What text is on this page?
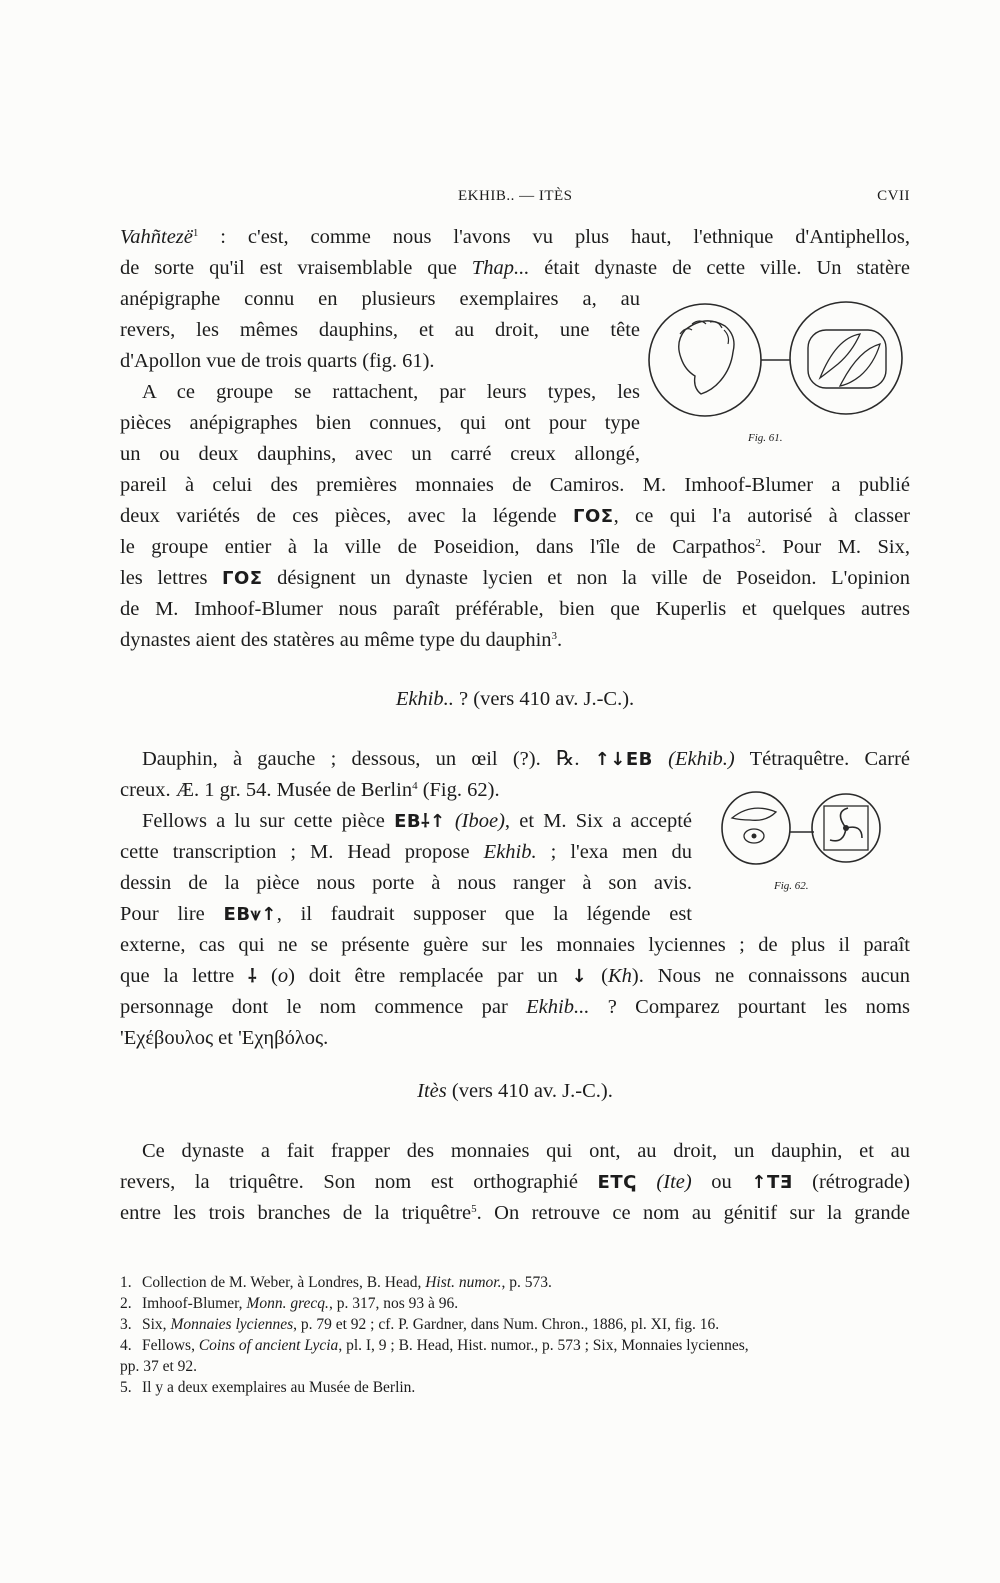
EKHIB.. — ITÈS	CVII
Vahñtezë$^1$ : c'est, comme nous l'avons vu plus haut, l'ethnique d'Antiphellos,
de sorte qu'il est vraisemblable que Thap... était dynaste de cette ville. Un statère
anépigraphe connu en plusieurs exemplaires a, au
revers, les mêmes dauphins, et au droit, une tête
d'Apollon vue de trois quarts (fig. 61).
A ce groupe se rattachent, par leurs types, les
pièces anépigraphes bien connues, qui ont pour type
un ou deux dauphins, avec un carré creux allongé,
Fig. 61.
pareil à celui des premières monnaies de Camiros. M. Imhoof-Blumer a publié
deux variétés de ces pièces, avec la légende ΓΟΣ, ce qui l'a autorisé à classer
le groupe entier à la ville de Poseidion, dans l'île de Carpathos$^2$. Pour M. Six,
les lettres ΓΟΣ désignent un dynaste lycien et non la ville de Poseidon. L'opinion
de M. Imhoof-Blumer nous paraît préférable, bien que Kuperlis et quelques autres
dynastes aient des statères au même type du dauphin$^3$.
Ekhib.. ? (vers 410 av. J.-C.).
Dauphin, à gauche ; dessous, un œil (?). ℞. ↑↓EB (Ekhib.) Tétraquêtre. Carré
creux. Æ. 1 gr. 54. Musée de Berlin$^4$ (Fig. 62).
Fellows a lu sur cette pièce EB⸸↑ (Iboe), et M. Six a accepté
cette transcription ; M. Head propose Ekhib. ; l'exa men du
dessin de la pièce nous porte à nous ranger à son avis.
Pour lire EB⩛↑, il faudrait supposer que la légende est
Fig. 62.
externe, cas qui ne se présente guère sur les monnaies lyciennes ; de plus il paraît
que la lettre ⸸ (o) doit être remplacée par un ↓ (Kh). Nous ne connaissons aucun
personnage dont le nom commence par Ekhib... ? Comparez pourtant les noms
'Εχέβουλος et 'Εχηβόλος.
Itès (vers 410 av. J.-C.).
Ce dynaste a fait frapper des monnaies qui ont, au droit, un dauphin, et au
revers, la triquêtre. Son nom est orthographié ETↅ (Ite) ou ↑TƎ (rétrograde)
entre les trois branches de la triquêtre$^5$. On retrouve ce nom au génitif sur la grande
1. Collection de M. Weber, à Londres, B. Head, Hist. numor., p. 573.
2. Imhoof-Blumer, Monn. grecq., p. 317, nos 93 à 96.
3. Six, Monnaies lyciennes, p. 79 et 92 ; cf. P. Gardner, dans Num. Chron., 1886, pl. XI, fig. 16.
4. Fellows, Coins of ancient Lycia, pl. I, 9 ; B. Head, Hist. numor., p. 573 ; Six, Monnaies lyciennes,
pp. 37 et 92.
5. Il y a deux exemplaires au Musée de Berlin.
